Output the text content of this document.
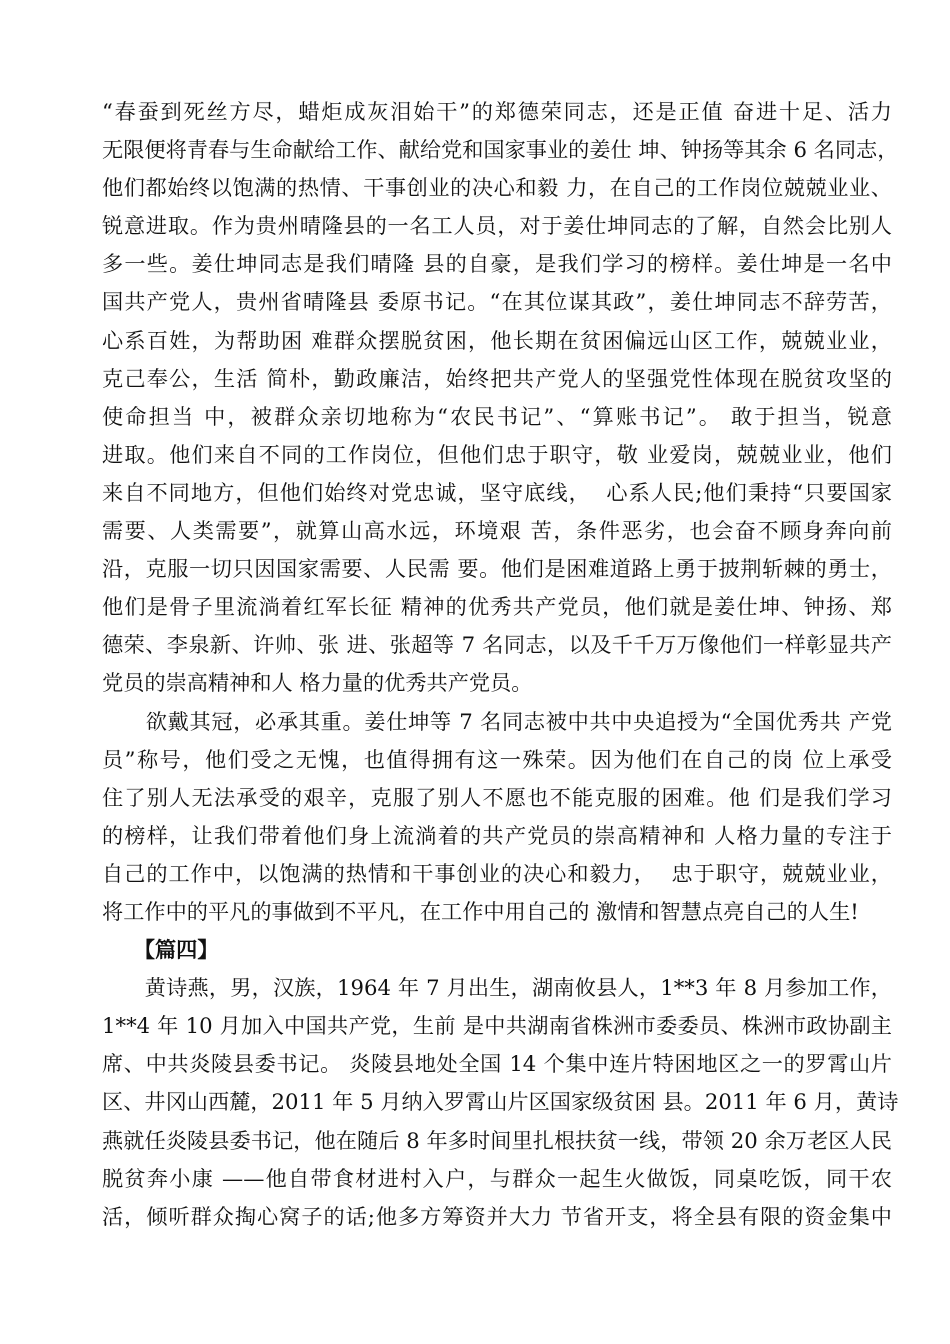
“春蚕到死丝方尽，蜡炬成灰泪始干”的郑德荣同志，还是正值 奋进十足、活力
无限便将青春与生命献给工作、献给党和国家事业的姜仕 坤、钟扬等其余 6 名同志，
他们都始终以饱满的热情、干事创业的决心和毅 力，在自己的工作岗位兢兢业业、
锐意进取。作为贵州晴隆县的一名工人员，对于姜仕坤同志的了解，自然会比别人
多一些。姜仕坤同志是我们晴隆 县的自豪，是我们学习的榜样。姜仕坤是一名中
国共产党人，贵州省晴隆县 委原书记。“在其位谋其政”，姜仕坤同志不辞劳苦，
心系百姓，为帮助困 难群众摆脱贫困，他长期在贫困偏远山区工作，兢兢业业，
克己奉公，生活 简朴，勤政廉洁，始终把共产党人的坚强党性体现在脱贫攻坚的
使命担当 中，被群众亲切地称为“农民书记”、“算账书记”。 敢于担当，锐意
进取。他们来自不同的工作岗位，但他们忠于职守，敬 业爱岗，兢兢业业，他们
来自不同地方，但他们始终对党忠诚，坚守底线，  心系人民;他们秉持“只要国家
需要、人类需要”，就算山高水远，环境艰 苦，条件恶劣，也会奋不顾身奔向前
沿，克服一切只因国家需要、人民需 要。他们是困难道路上勇于披荆斩棘的勇士，
他们是骨子里流淌着红军长征 精神的优秀共产党员，他们就是姜仕坤、钟扬、郑
德荣、李泉新、许帅、张 进、张超等 7 名同志，以及千千万万像他们一样彰显共产
党员的崇高精神和人 格力量的优秀共产党员。
　　欲戴其冠，必承其重。姜仕坤等 7 名同志被中共中央追授为“全国优秀共 产党
员”称号，他们受之无愧，也值得拥有这一殊荣。因为他们在自己的岗 位上承受
住了别人无法承受的艰辛，克服了别人不愿也不能克服的困难。他 们是我们学习
的榜样，让我们带着他们身上流淌着的共产党员的崇高精神和 人格力量的专注于
自己的工作中，以饱满的热情和干事创业的决心和毅力，  忠于职守，兢兢业业，
将工作中的平凡的事做到不平凡，在工作中用自己的 激情和智慧点亮自己的人生!
　　【篇四】
　　黄诗燕，男，汉族，1964 年 7 月出生，湖南攸县人，1**3 年 8 月参加工作，
1**4 年 10 月加入中国共产党，生前 是中共湖南省株洲市委委员、株洲市政协副主
席、中共炎陵县委书记。 炎陵县地处全国 14 个集中连片特困地区之一的罗霄山片
区、井冈山西麓，2011 年 5 月纳入罗霄山片区国家级贫困 县。2011 年 6 月，黄诗
燕就任炎陵县委书记，他在随后 8 年多时间里扎根扶贫一线，带领 20 余万老区人民
脱贫奔小康 ——他自带食材进村入户，与群众一起生火做饭，同桌吃饭，同干农
活，倾听群众掏心窝子的话;他多方筹资并大力 节省开支，将全县有限的资金集中
